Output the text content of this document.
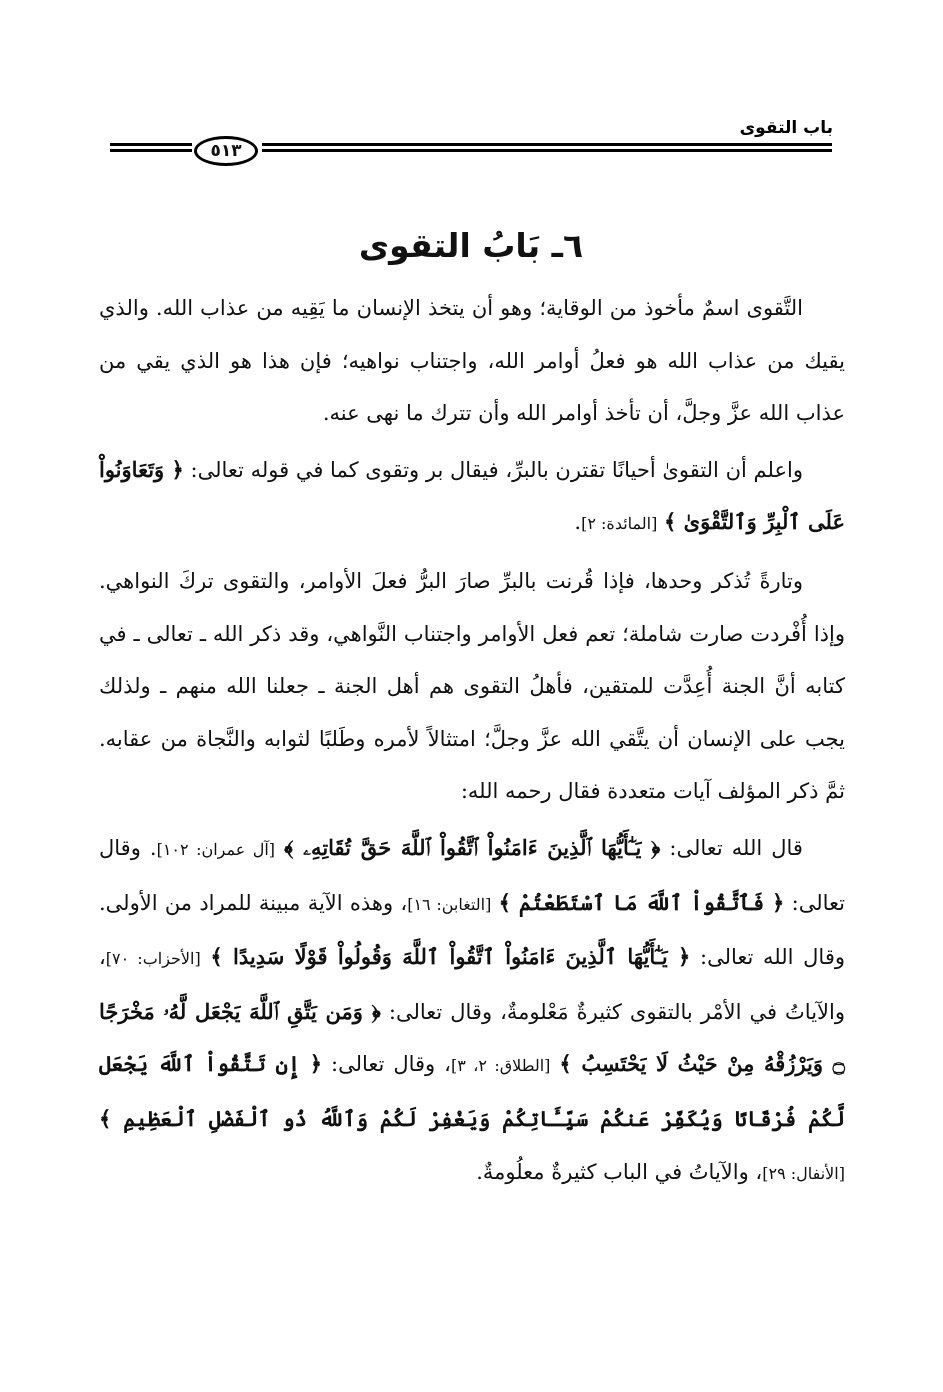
باب التقوى
٥١٣
٦ـ بَابُ التقوى

التَّقوى اسمٌ مأخوذ من الوقاية؛ وهو أن يتخذ الإنسان ما يَقِيه من عذاب الله. والذي يقيك من عذاب الله هو فعلُ أوامر الله، واجتناب نواهيه؛ فإن هذا هو الذي يقي من عذاب الله عزَّ وجلَّ، أن تأخذ أوامر الله وأن تترك ما نهى عنه.

واعلم أن التقوىٰ أحيانًا تقترن بالبرِّ، فيقال بر وتقوى كما في قوله تعالى: ﴿ وَتَعَاوَنُواْ عَلَى ٱلْبِرِّ وَٱلتَّقْوَىٰ ﴾ [المائدة: ٢].

وتارةً تُذكر وحدها، فإذا قُرنت بالبرِّ صارَ البرُّ فعلَ الأوامر، والتقوى تركَ النواهي. وإذا أُفْردت صارت شاملة؛ تعم فعل الأوامر واجتناب النَّواهي، وقد ذكر الله ـ تعالى ـ في كتابه أنَّ الجنة أُعِدَّت للمتقين، فأهلُ التقوى هم أهل الجنة ـ جعلنا الله منهم ـ ولذلك يجب على الإنسان أن يتَّقي الله عزَّ وجلَّ؛ امتثالاً لأمره وطَلبًا لثوابه والنَّجاة من عقابه. ثمَّ ذكر المؤلف آيات متعددة فقال رحمه الله:

قال الله تعالى: ﴿ يَـٰٓأَيُّهَا ٱلَّذِينَ ءَامَنُواْ ٱتَّقُواْ ٱللَّهَ حَقَّ تُقَاتِهِۦ ﴾ [آل عمران: ١٠٢]. وقال تعالى: ﴿ فَٱتَّقُواْ ٱللَّهَ مَا ٱسْتَطَعْتُمْ ﴾ [التغابن: ١٦]، وهذه الآية مبينة للمراد من الأولى. وقال الله تعالى: ﴿ يَـٰٓأَيُّهَا ٱلَّذِينَ ءَامَنُواْ ٱتَّقُواْ ٱللَّهَ وَقُولُواْ قَوْلًا سَدِيدًا ﴾ [الأحزاب: ٧٠]، والآياتُ في الأمْر بالتقوى كثيرةٌ مَعْلومةٌ، وقال تعالى: ﴿ وَمَن يَتَّقِ ٱللَّهَ يَجْعَل لَّهُۥ مَخْرَجًا ۝ وَيَرْزُقْهُ مِنْ حَيْثُ لَا يَحْتَسِبُ ﴾ [الطلاق: ٢، ٣]، وقال تعالى: ﴿ إِن تَتَّقُواْ ٱللَّهَ يَجْعَل لَّكُمْ فُرْقَانًا وَيُكَفِّرْ عَنكُمْ سَيِّـَٔاتِكُمْ وَيَغْفِرْ لَكُمْ وَٱللَّهُ ذُو ٱلْفَضْلِ ٱلْعَظِيمِ ﴾ [الأنفال: ٢٩]، والآياتُ في الباب كثيرةٌ معلُومةٌ.
